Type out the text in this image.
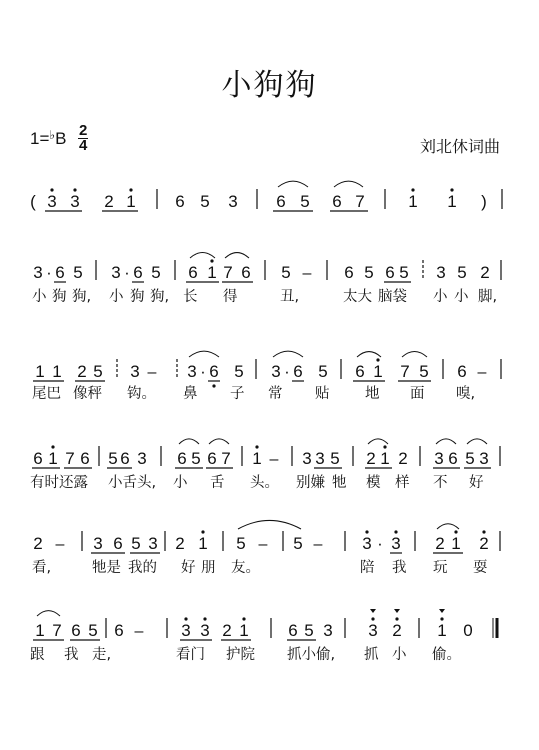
小狗狗
$1=^♭B \frac{2}{4}$	刘北休词曲
( 3 3 2 1 6 5 3 6 5 6 7	1 1 )
3 · 6 5 3 · 6 5 6 1 7 6 5 – 6 5 6 5 3 5 2
1 1 2 5 3 – 3 · 6 5 3 · 6 5 6 1 7 5 6 –
6 1 7 6 5 6 3 6 5 6 7 1 – 3 3 5 2 1 2 3 6 5 3
2 – 3 6 5 3 2 1 5 – 5 – 3 · 3 2 1 2
1 7 6 5 6 – 3 3 2 1 6 5 3 3 2 1 0
小 狗 狗, 小 狗 狗, 长 得	丑,	太大 脑袋 小 小 脚,
尾巴 像秤 钩。 鼻 子 常 贴 地 面 嗅,
有时还露 小舌头, 小 舌 头。 别嫌 牠 模 样 不 好
看,	牠是 我的 好 朋 友。	陪 我 玩 耍
跟 我 走,	看门 护院 抓小偷, 抓 小 偷。
